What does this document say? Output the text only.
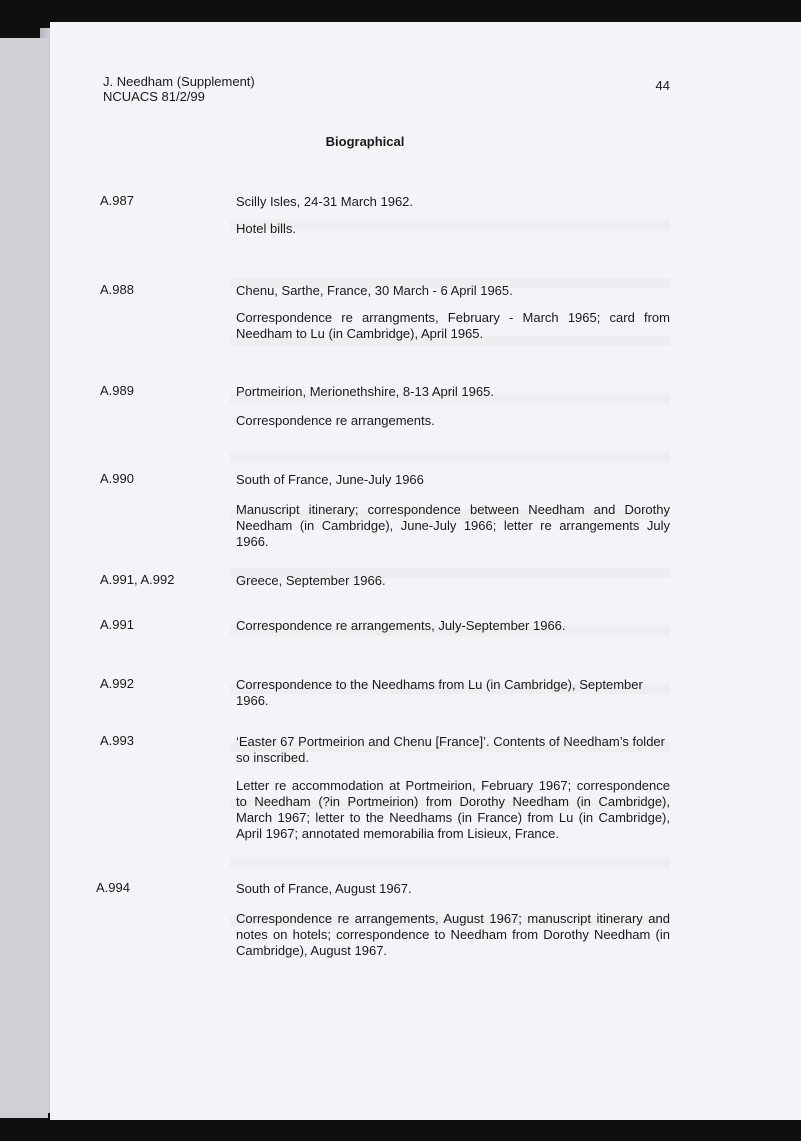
J. Needham (Supplement)
NCUACS 81/2/99
44
Biographical
A.987	Scilly Isles, 24-31 March 1962.
Hotel bills.
A.988	Chenu, Sarthe, France, 30 March - 6 April 1965.
Correspondence re arrangments, February - March 1965; card from Needham to Lu (in Cambridge), April 1965.
A.989	Portmeirion, Merionethshire, 8-13 April 1965.
Correspondence re arrangements.
A.990	South of France, June-July 1966
Manuscript itinerary; correspondence between Needham and Dorothy Needham (in Cambridge), June-July 1966; letter re arrangements July 1966.
A.991, A.992	Greece, September 1966.
A.991	Correspondence re arrangements, July-September 1966.
A.992	Correspondence to the Needhams from Lu (in Cambridge), September 1966.
A.993	‘Easter 67 Portmeirion and Chenu [France]’. Contents of Needham’s folder so inscribed.
Letter re accommodation at Portmeirion, February 1967; correspondence to Needham (?in Portmeirion) from Dorothy Needham (in Cambridge), March 1967; letter to the Needhams (in France) from Lu (in Cambridge), April 1967; annotated memorabilia from Lisieux, France.
A.994	South of France, August 1967.
Correspondence re arrangements, August 1967; manuscript itinerary and notes on hotels; correspondence to Needham from Dorothy Needham (in Cambridge), August 1967.
